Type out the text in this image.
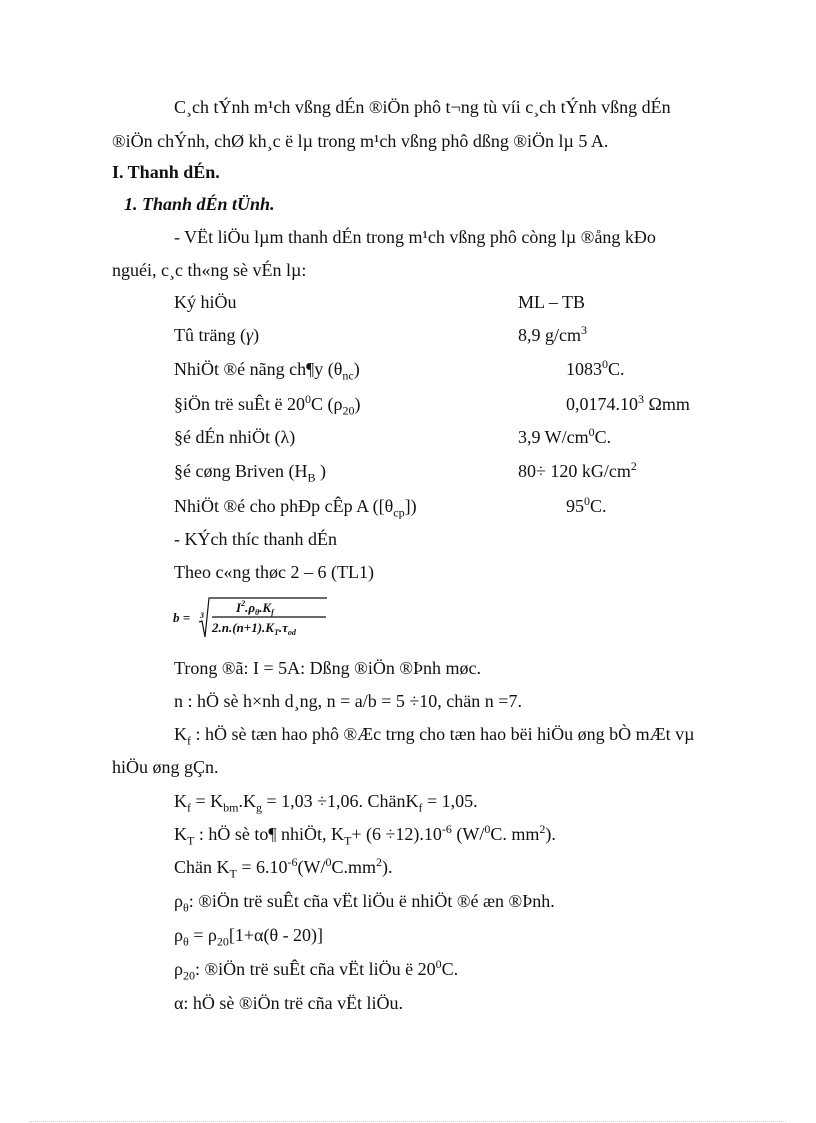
C¸ch tÝnh m¹ch vßng dÉn ®iÖn phô t¬ng tù víi c¸ch tÝnh vßng dÉn
®iÖn chÝnh, chØ kh¸c ë lµ trong m¹ch vßng phô dßng ®iÖn lµ 5 A.
I. Thanh dÉn.
1. Thanh dÉn tÜnh.
- VËt liÖu lµm thanh dÉn trong m¹ch vßng phô còng lµ ®ång kÐo
nguéi, c¸c th«ng sè vÉn lµ:
Ký hiÖu	ML – TB
Tû träng (γ)	8,9 $g/cm^3$
NhiÖt ®é nãng ch¶y $(\theta_{nc})$	1083$^0$C.
§iÖn trë suÊt ë $20^0C$ $(\rho_{20})$	0,0174.10$^3$ Ωmm
§é dÉn nhiÖt (λ)	3,9 $W/cm^0C$.
§é cøng Briven ($H_B$ )	80÷ 120 $kG/cm^2$
NhiÖt ®é cho phÐp cÊp A $([\theta_{cp}])$	$95^0C$.
- KÝch thíc thanh dÉn
Theo c«ng thøc 2 – 6 (TL1)
b = 3
$I^2.\rho_\theta.K_f$
$2.n.(n+1).K_T.\tau_{od}$
Trong ®ã: I = 5A: Dßng ®iÖn ®Þnh møc.
n : hÖ sè h×nh d¸ng, n = a/b = 5 ÷10, chän n =7.
$K_f$ : hÖ sè tæn hao phô ®Æc trng cho tæn hao bëi hiÖu øng bÒ mÆt vµ
hiÖu øng gÇn.
$K_f = K_{bm}.K_g = 1,03 \div 1,06$. ChänK$_f$ = 1,05.
$K_T$ : hÖ sè to¶ nhiÖt, $K_T+ (6 \div 12).10^{-6}$ (W/$^0$C. $mm^2$).
Chän $K_T = 6.10^{-6}(W/^0C.mm^2)$.
$\rho_\theta$: ®iÖn trë suÊt cña vËt liÖu ë nhiÖt ®é æn ®Þnh.
$\rho_\theta = \rho_{20}[1+\alpha(\theta - 20)]$
$\rho_{20}$: ®iÖn trë suÊt cña vËt liÖu ë $20^0C$.
α: hÖ sè ®iÖn trë cña vËt liÖu.
